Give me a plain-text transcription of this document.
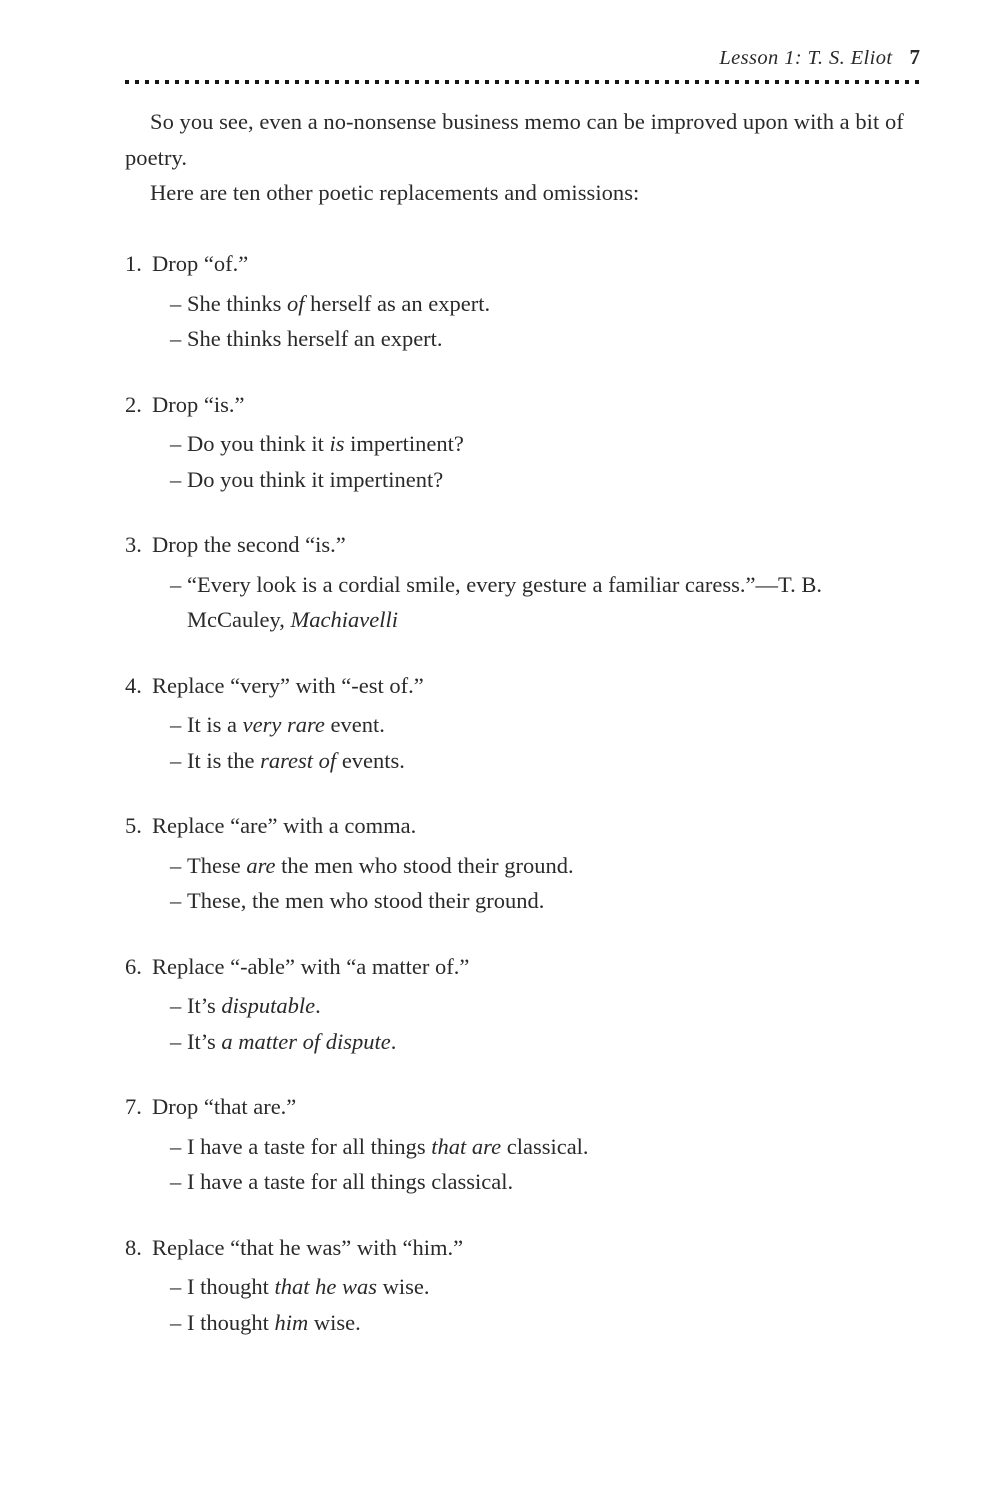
Lesson 1: T. S. Eliot 7

So you see, even a no-nonsense business memo can be improved upon with a bit of poetry.

Here are ten other poetic replacements and omissions:

1. Drop “of.”
– She thinks of herself as an expert.
– She thinks herself an expert.
2. Drop “is.”
– Do you think it is impertinent?
– Do you think it impertinent?
3. Drop the second “is.”
– “Every look is a cordial smile, every gesture a familiar caress.”—T. B. McCauley, Machiavelli
4. Replace “very” with “-est of.”
– It is a very rare event.
– It is the rarest of events.
5. Replace “are” with a comma.
– These are the men who stood their ground.
– These, the men who stood their ground.
6. Replace “-able” with “a matter of.”
– It’s disputable.
– It’s a matter of dispute.
7. Drop “that are.”
– I have a taste for all things that are classical.
– I have a taste for all things classical.
8. Replace “that he was” with “him.”
– I thought that he was wise.
– I thought him wise.
